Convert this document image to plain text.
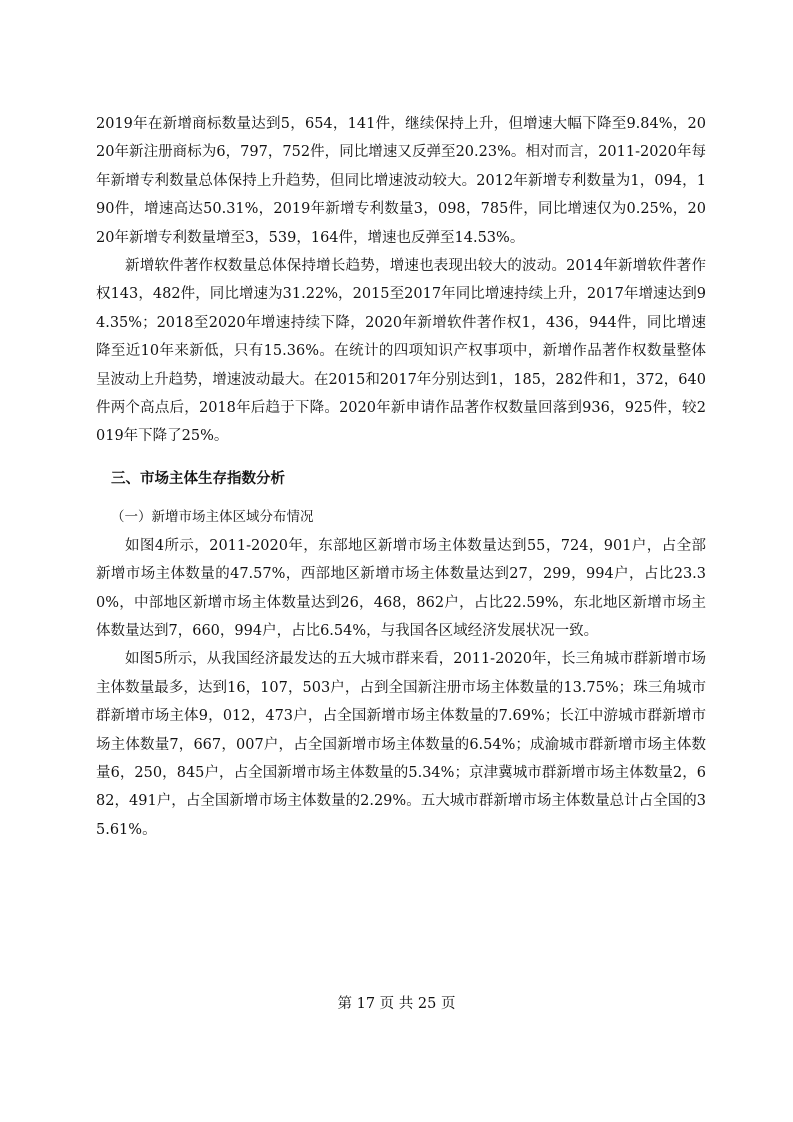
2019年在新增商标数量达到5，654，141件，继续保持上升，但增速大幅下降至9.84%，2020年新注册商标为6，797，752件，同比增速又反弹至20.23%。相对而言，2011-2020年每年新增专利数量总体保持上升趋势，但同比增速波动较大。2012年新增专利数量为1，094，190件，增速高达50.31%，2019年新增专利数量3，098，785件，同比增速仅为0.25%，2020年新增专利数量增至3，539，164件，增速也反弹至14.53%。

新增软件著作权数量总体保持增长趋势，增速也表现出较大的波动。2014年新增软件著作权143，482件，同比增速为31.22%，2015至2017年同比增速持续上升，2017年增速达到94.35%；2018至2020年增速持续下降，2020年新增软件著作权1，436，944件，同比增速降至近10年来新低，只有15.36%。在统计的四项知识产权事项中，新增作品著作权数量整体呈波动上升趋势，增速波动最大。在2015和2017年分别达到1，185，282件和1，372，640件两个高点后，2018年后趋于下降。2020年新申请作品著作权数量回落到936，925件，较2019年下降了25%。

三、市场主体生存指数分析
（一）新增市场主体区域分布情况

如图4所示，2011-2020年，东部地区新增市场主体数量达到55，724，901户，占全部新增市场主体数量的47.57%，西部地区新增市场主体数量达到27，299，994户，占比23.30%，中部地区新增市场主体数量达到26，468，862户，占比22.59%，东北地区新增市场主体数量达到7，660，994户，占比6.54%，与我国各区域经济发展状况一致。

如图5所示，从我国经济最发达的五大城市群来看，2011-2020年，长三角城市群新增市场主体数量最多，达到16，107，503户，占到全国新注册市场主体数量的13.75%；珠三角城市群新增市场主体9，012，473户，占全国新增市场主体数量的7.69%；长江中游城市群新增市场主体数量7，667，007户，占全国新增市场主体数量的6.54%；成渝城市群新增市场主体数量6，250，845户，占全国新增市场主体数量的5.34%；京津冀城市群新增市场主体数量2，682，491户，占全国新增市场主体数量的2.29%。五大城市群新增市场主体数量总计占全国的35.61%。

第 17 页 共 25 页
